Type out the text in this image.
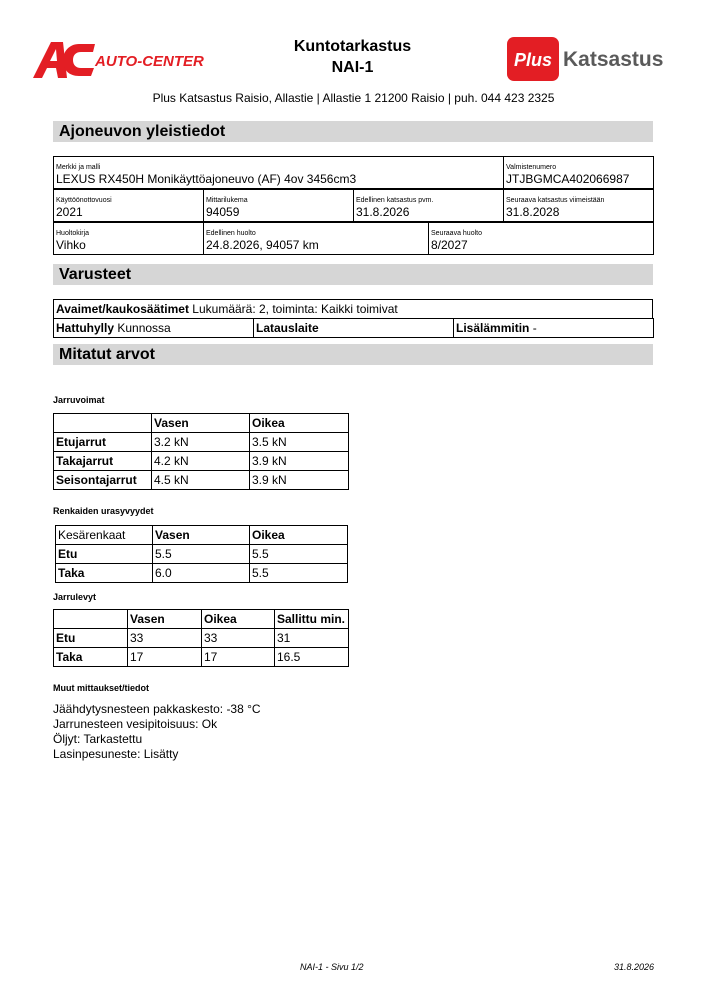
AUTO-CENTER
Kuntotarkastus
NAI-1	Plus Katsastus
Plus Katsastus Raisio, Allastie | Allastie 1 21200 Raisio | puh. 044 423 2325
Ajoneuvon yleistiedot
Merkki ja malli
LEXUS RX450H Monikäyttöajoneuvo (AF) 4ov 3456cm3

Valmistenumero
JTJBGMCA402066987
Käyttöönottovuosi
2021

Mittarilukema
94059

Edellinen katsastus pvm.
31.8.2026

Seuraava katsastus viimeistään
31.8.2028
Huoltokirja
Vihko

Edellinen huolto
24.8.2026, 94057 km

Seuraava huolto
8/2027
Varusteet
Avaimet/kaukosäätimet Lukumäärä: 2, toiminta: Kaikki toimivat
Hattuhylly Kunnossa	Latauslaite	Lisälämmitin -
Mitatut arvot
Jarruvoimat
	Vasen	Oikea
Etujarrut	3.2 kN	3.5 kN
Takajarrut	4.2 kN	3.9 kN
Seisontajarrut	4.5 kN	3.9 kN
Renkaiden urasyvyydet
Kesärenkaat	Vasen	Oikea
Etu	5.5	5.5
Taka	6.0	5.5
Jarrulevyt
	Vasen	Oikea	Sallittu min.
Etu	33	33	31
Taka	17	17	16.5
Muut mittaukset/tiedot
Jäähdytysnesteen pakkaskesto: -38 °C
Jarrunesteen vesipitoisuus: Ok
Öljyt: Tarkastettu
Lasinpesuneste: Lisätty
NAI-1 - Sivu 1/2	31.8.2026
